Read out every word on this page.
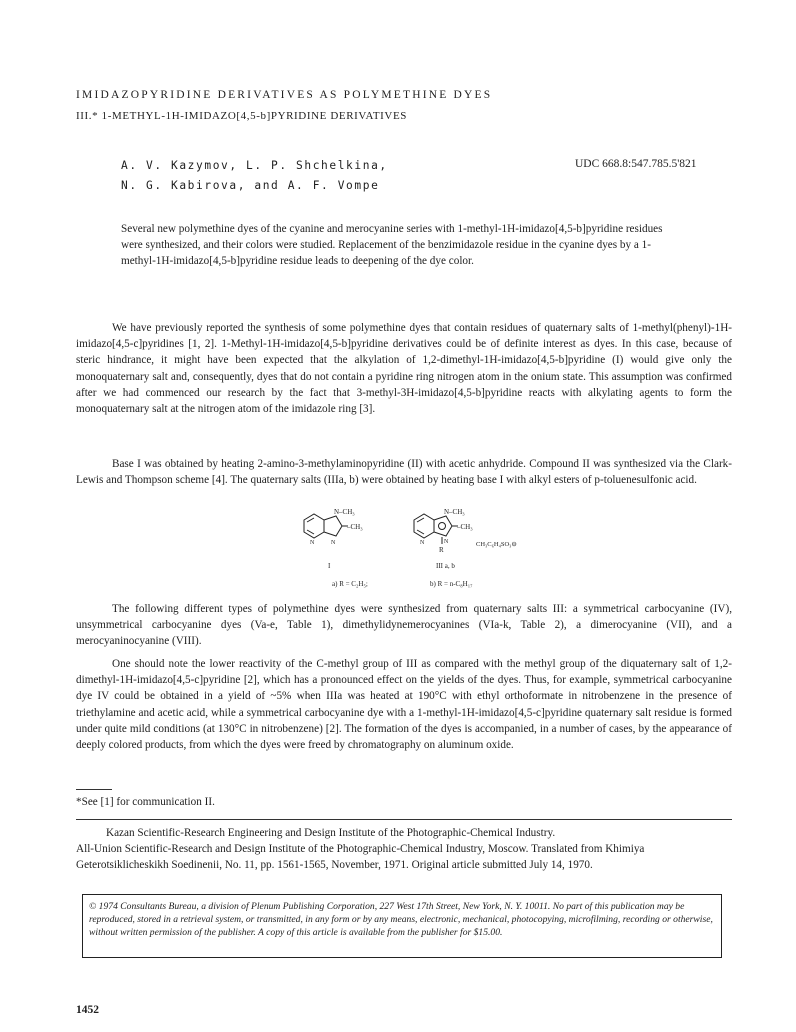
IMIDAZOPYRIDINE DERIVATIVES AS POLYMETHINE DYES
III.* 1-METHYL-1H-IMIDAZO[4,5-b]PYRIDINE DERIVATIVES
A. V. Kazymov, L. P. Shchelkina,
N. G. Kabirova, and A. F. Vompe
UDC 668.8:547.785.5'821
Several new polymethine dyes of the cyanine and merocyanine series with 1-methyl-1H-imidazo[4,5-b]pyridine residues were synthesized, and their colors were studied. Replacement of the benzimidazole residue in the cyanine dyes by a 1-methyl-1H-imidazo[4,5-b]pyridine residue leads to deepening of the dye color.

We have previously reported the synthesis of some polymethine dyes that contain residues of quaternary salts of 1-methyl(phenyl)-1H-imidazo[4,5-c]pyridines [1, 2]. 1-Methyl-1H-imidazo[4,5-b]pyridine derivatives could be of definite interest as dyes. In this case, because of steric hindrance, it might have been expected that the alkylation of 1,2-dimethyl-1H-imidazo[4,5-b]pyridine (I) would give only the monoquaternary salt and, consequently, dyes that do not contain a pyridine ring nitrogen atom in the onium state. This assumption was confirmed after we had commenced our research by the fact that 3-methyl-3H-imidazo[4,5-b]pyridine reacts with alkylating agents to form the monoquaternary salt at the nitrogen atom of the imidazole ring [3].

Base I was obtained by heating 2-amino-3-methylaminopyridine (II) with acetic anhydride. Compound II was synthesized via the Clark-Lewis and Thompson scheme [4]. The quaternary salts (IIIa, b) were obtained by heating base I with alkyl esters of p-toluenesulfonic acid.

N–CH₃
–CH₃
N	N
I
a) R = C₂H₅;
N–CH₃
–CH₃
N	N
R
CH₃C₆H₄SO₃⊖
III a, b
b) R = n-C₈H₁₇

The following different types of polymethine dyes were synthesized from quaternary salts III: a symmetrical carbocyanine (IV), unsymmetrical carbocyanine dyes (Va-e, Table 1), dimethylidynemerocyanines (VIa-k, Table 2), a dimerocyanine (VII), and a merocyaninocyanine (VIII).

One should note the lower reactivity of the C-methyl group of III as compared with the methyl group of the diquaternary salt of 1,2-dimethyl-1H-imidazo[4,5-c]pyridine [2], which has a pronounced effect on the yields of the dyes. Thus, for example, symmetrical carbocyanine dye IV could be obtained in a yield of ~5% when IIIa was heated at 190°C with ethyl orthoformate in nitrobenzene in the presence of triethylamine and acetic acid, while a symmetrical carbocyanine dye with a 1-methyl-1H-imidazo[4,5-c]pyridine quaternary salt residue is formed under quite mild conditions (at 130°C in nitrobenzene) [2]. The formation of the dyes is accompanied, in a number of cases, by the appearance of deeply colored products, from which the dyes were freed by chromatography on aluminum oxide.

*See [1] for communication II.
Kazan Scientific-Research Engineering and Design Institute of the Photographic-Chemical Industry.
All-Union Scientific-Research and Design Institute of the Photographic-Chemical Industry, Moscow. Translated from Khimiya Geterotsiklicheskikh Soedinenii, No. 11, pp. 1561-1565, November, 1971. Original article submitted July 14, 1970.
© 1974 Consultants Bureau, a division of Plenum Publishing Corporation, 227 West 17th Street, New York, N. Y. 10011. No part of this publication may be reproduced, stored in a retrieval system, or transmitted, in any form or by any means, electronic, mechanical, photocopying, microfilming, recording or otherwise, without written permission of the publisher. A copy of this article is available from the publisher for $15.00.
1452
